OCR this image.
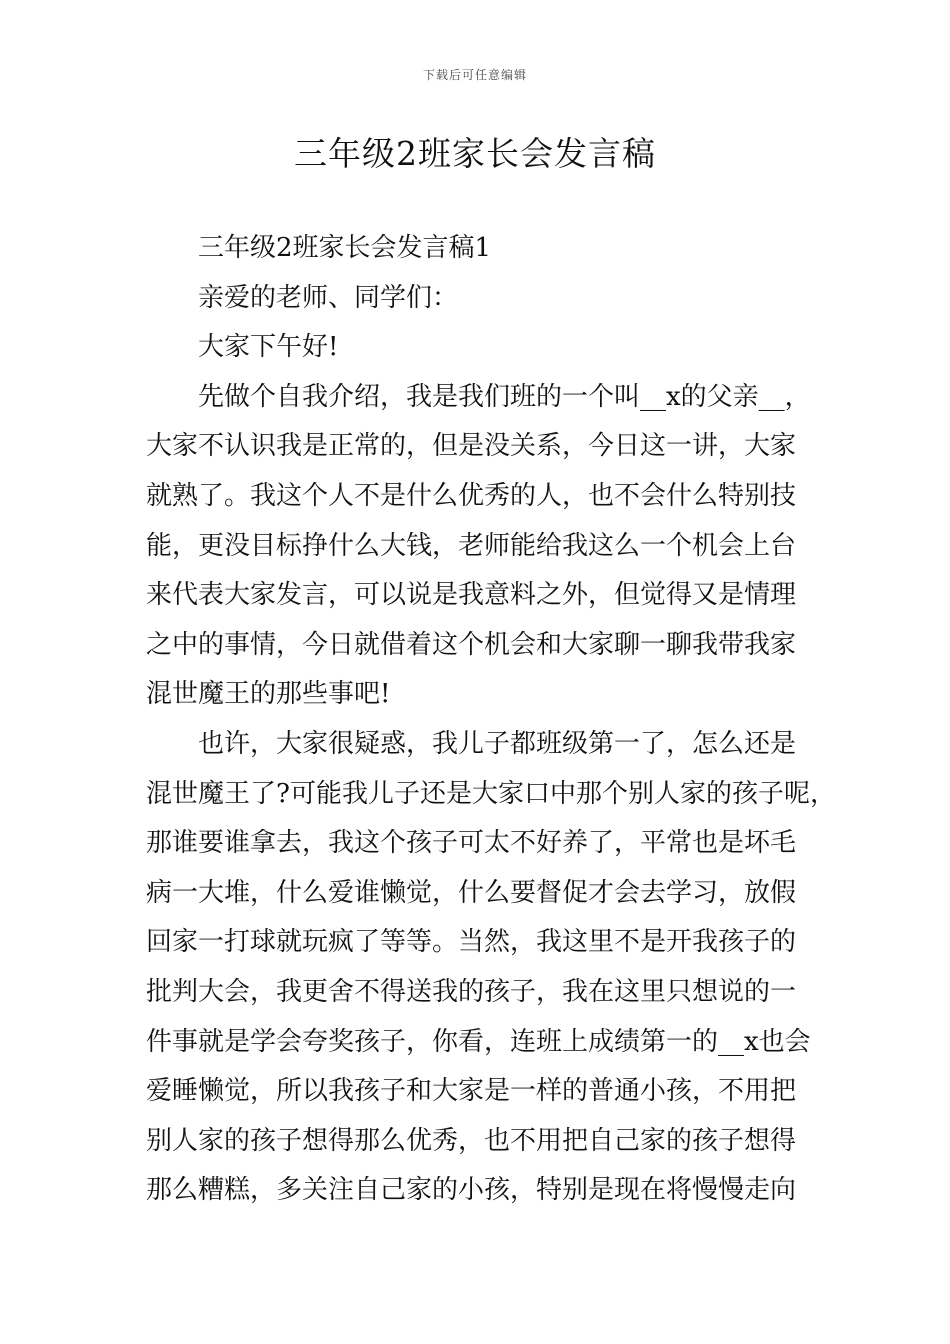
下载后可任意编辑
三年级2班家长会发言稿
三年级2班家长会发言稿1
亲爱的老师、同学们：
大家下午好!
先做个自我介绍，我是我们班的一个叫__x的父亲__，
大家不认识我是正常的，但是没关系，今日这一讲，大家
就熟了。我这个人不是什么优秀的人，也不会什么特别技
能，更没目标挣什么大钱，老师能给我这么一个机会上台
来代表大家发言，可以说是我意料之外，但觉得又是情理
之中的事情，今日就借着这个机会和大家聊一聊我带我家
混世魔王的那些事吧!
也许，大家很疑惑，我儿子都班级第一了，怎么还是
混世魔王了?可能我儿子还是大家口中那个别人家的孩子呢，
那谁要谁拿去，我这个孩子可太不好养了，平常也是坏毛
病一大堆，什么爱谁懒觉，什么要督促才会去学习，放假
回家一打球就玩疯了等等。当然，我这里不是开我孩子的
批判大会，我更舍不得送我的孩子，我在这里只想说的一
件事就是学会夸奖孩子，你看，连班上成绩第一的__x也会
爱睡懒觉，所以我孩子和大家是一样的普通小孩，不用把
别人家的孩子想得那么优秀，也不用把自己家的孩子想得
那么糟糕，多关注自己家的小孩，特别是现在将慢慢走向
